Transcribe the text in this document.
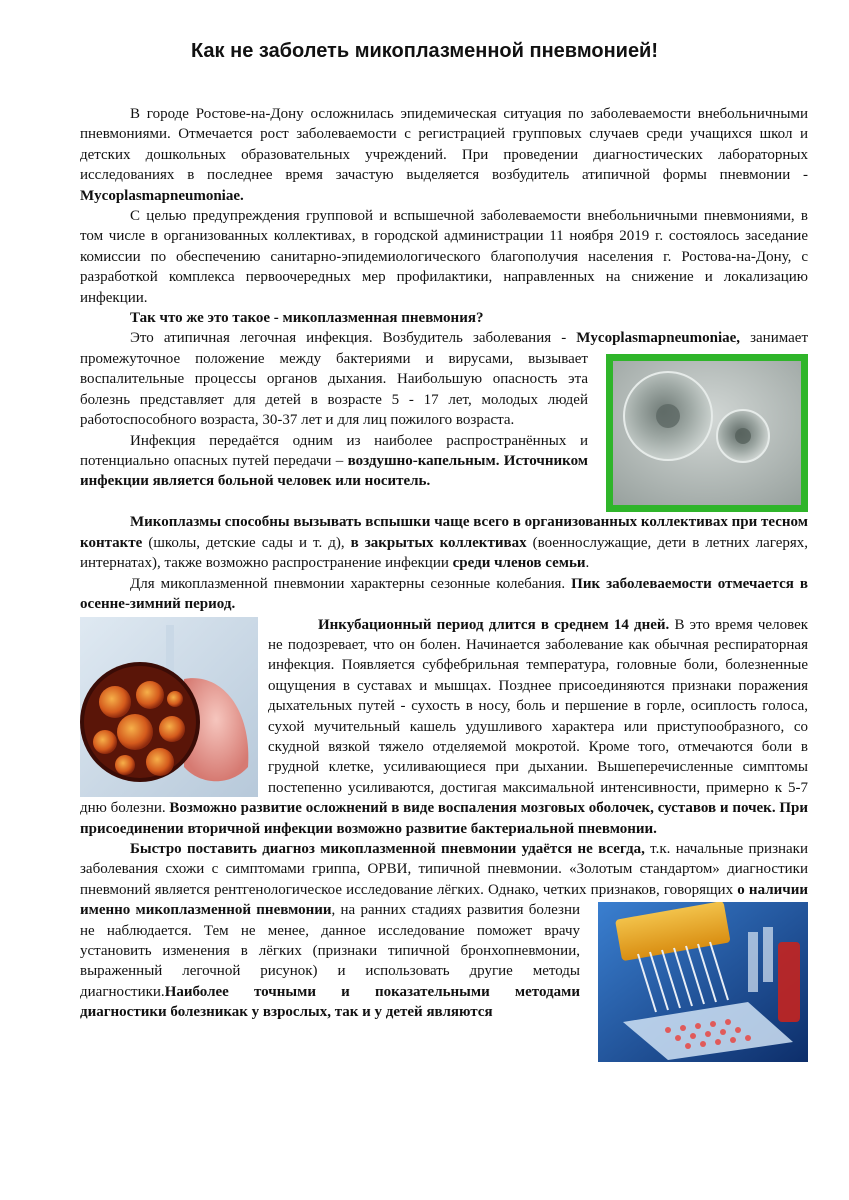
Как не заболеть микоплазменной пневмонией!

В городе Ростове-на-Дону осложнилась эпидемическая ситуация по заболеваемости внебольничными пневмониями. Отмечается рост заболеваемости с регистрацией групповых случаев среди учащихся школ и детских дошкольных образовательных учреждений. При проведении диагностических лабораторных исследованиях в последнее время зачастую выделяется возбудитель атипичной формы пневмонии - Mycoplasmapneumoniae.

С целью предупреждения групповой и вспышечной заболеваемости внебольничными пневмониями, в том числе в организованных коллективах, в городской администрации 11 ноября 2019 г. состоялось заседание комиссии по обеспечению санитарно-эпидемиологического благополучия населения г. Ростова-на-Дону, с разработкой комплекса первоочередных мер профилактики, направленных на снижение и локализацию инфекции.

Так что же это такое - микоплазменная пневмония?

Это атипичная легочная инфекция. Возбудитель заболевания - Mycoplasmapneumoniae, занимает промежуточное положение между бактериями и вирусами, вызывает воспалительные процессы органов дыхания. Наибольшую опасность эта болезнь представляет для детей в возрасте 5 - 17 лет, молодых людей работоспособного возраста, 30-37 лет и для лиц пожилого возраста.

Инфекция передаётся одним из наиболее распространённых и потенциально опасных путей передачи – воздушно-капельным. Источником инфекции является больной человек или носитель.

Микоплазмы способны вызывать вспышки чаще всего в организованных коллективах при тесном контакте (школы, детские сады и т. д), в закрытых коллективах (военнослужащие, дети в летних лагерях, интернатах), также возможно распространение инфекции среди членов семьи.

Для микоплазменной пневмонии характерны сезонные колебания. Пик заболеваемости отмечается в осенне-зимний период.

Инкубационный период длится в среднем 14 дней.
В это время человек не подозревает, что он болен. Начинается заболевание как обычная респираторная инфекция. Появляется субфебрильная температура, головные боли, болезненные ощущения в суставах и мышцах. Позднее присоединяются признаки поражения дыхательных путей - сухость в носу, боль и першение в горле, осиплость голоса, сухой мучительный кашель удушливого характера или приступообразного, со скудной вязкой тяжело отделяемой мокротой. Кроме того, отмечаются боли в грудной клетке, усиливающиеся при дыхании. Вышеперечисленные симптомы постепенно усиливаются, достигая максимальной интенсивности, примерно к 5-7 дню болезни. Возможно развитие осложнений в виде воспаления мозговых оболочек, суставов и почек. При присоединении вторичной инфекции возможно развитие бактериальной пневмонии.

Быстро поставить диагноз микоплазменной пневмонии удаётся не всегда, т.к. начальные признаки заболевания схожи с симптомами гриппа, ОРВИ, типичной пневмонии. «Золотым стандартом» диагностики пневмоний является рентгенологическое исследование лёгких. Однако, четких признаков, говорящих
о наличии именно микоплазменной пневмонии, на ранних стадиях развития болезни не наблюдается. Тем не менее, данное исследование поможет врачу установить изменения в лёгких (признаки типичной бронхопневмонии, выраженный легочной рисунок) и использовать другие методы диагностики.Наиболее точными и показательными методами диагностики болезникак у взрослых, так и у детей являются
